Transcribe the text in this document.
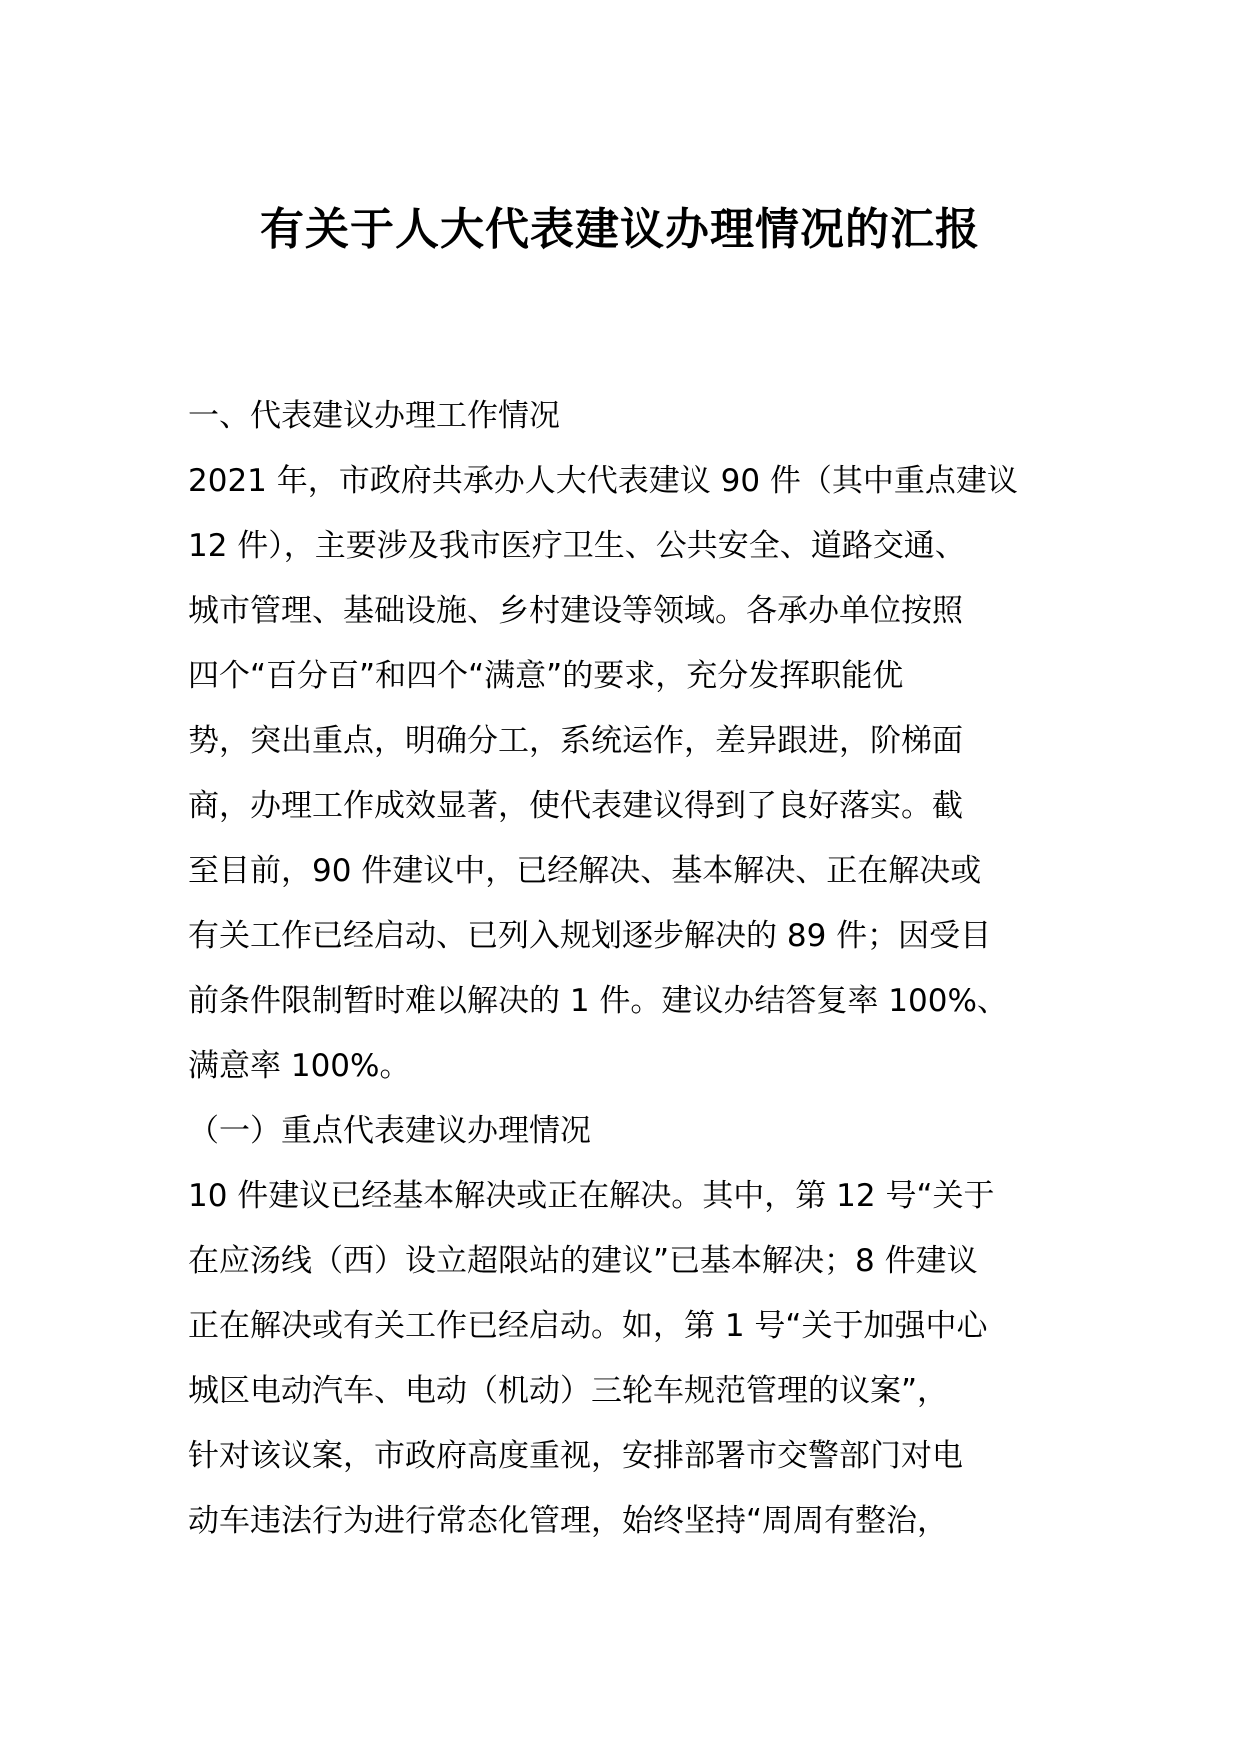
有关于人大代表建议办理情况的汇报
一、代表建议办理工作情况
2021 年，市政府共承办人大代表建议 90 件（其中重点建议
12 件），主要涉及我市医疗卫生、公共安全、道路交通、
城市管理、基础设施、乡村建设等领域。各承办单位按照
四个“百分百”和四个“满意”的要求，充分发挥职能优
势，突出重点，明确分工，系统运作，差异跟进，阶梯面
商，办理工作成效显著，使代表建议得到了良好落实。截
至目前，90 件建议中，已经解决、基本解决、正在解决或
有关工作已经启动、已列入规划逐步解决的 89 件；因受目
前条件限制暂时难以解决的 1 件。建议办结答复率 100%、
满意率 100%。
（一）重点代表建议办理情况
10 件建议已经基本解决或正在解决。其中，第 12 号“关于
在应汤线（西）设立超限站的建议”已基本解决；8 件建议
正在解决或有关工作已经启动。如，第 1 号“关于加强中心
城区电动汽车、电动（机动）三轮车规范管理的议案”，
针对该议案，市政府高度重视，安排部署市交警部门对电
动车违法行为进行常态化管理，始终坚持“周周有整治，
